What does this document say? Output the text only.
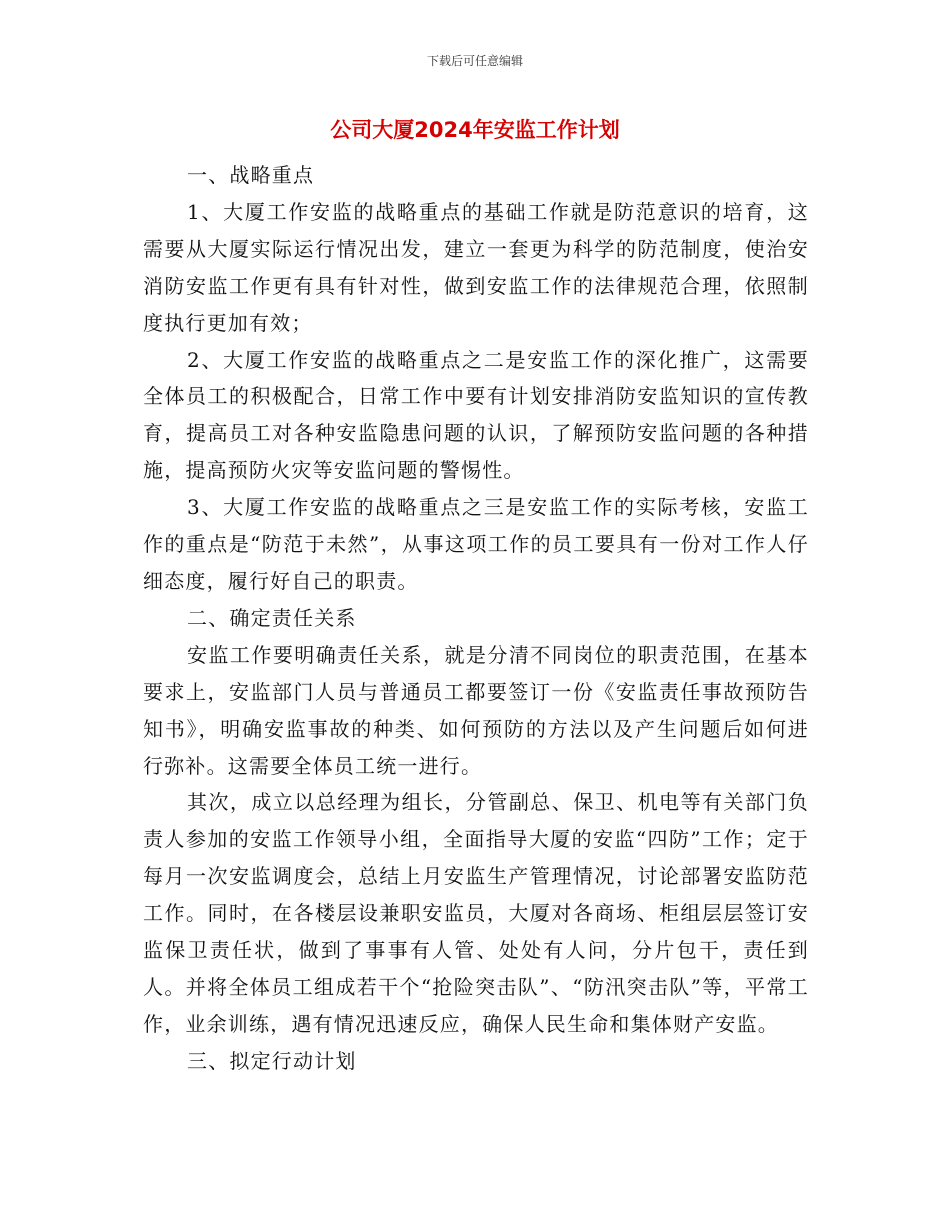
下载后可任意编辑
公司大厦2024年安监工作计划

一、战略重点

1、大厦工作安监的战略重点的基础工作就是防范意识的培育，这需要从大厦实际运行情况出发，建立一套更为科学的防范制度，使治安消防安监工作更有具有针对性，做到安监工作的法律规范合理，依照制度执行更加有效；

2、大厦工作安监的战略重点之二是安监工作的深化推广，这需要全体员工的积极配合，日常工作中要有计划安排消防安监知识的宣传教育，提高员工对各种安监隐患问题的认识，了解预防安监问题的各种措施，提高预防火灾等安监问题的警惕性。

3、大厦工作安监的战略重点之三是安监工作的实际考核，安监工作的重点是“防范于未然”，从事这项工作的员工要具有一份对工作人仔细态度，履行好自己的职责。

二、确定责任关系

安监工作要明确责任关系，就是分清不同岗位的职责范围，在基本要求上，安监部门人员与普通员工都要签订一份《安监责任事故预防告知书》，明确安监事故的种类、如何预防的方法以及产生问题后如何进行弥补。这需要全体员工统一进行。

其次，成立以总经理为组长，分管副总、保卫、机电等有关部门负责人参加的安监工作领导小组，全面指导大厦的安监“四防”工作；定于每月一次安监调度会，总结上月安监生产管理情况，讨论部署安监防范工作。同时，在各楼层设兼职安监员，大厦对各商场、柜组层层签订安监保卫责任状，做到了事事有人管、处处有人问，分片包干，责任到人。并将全体员工组成若干个“抢险突击队”、“防汛突击队”等，平常工作，业余训练，遇有情况迅速反应，确保人民生命和集体财产安监。

三、拟定行动计划
